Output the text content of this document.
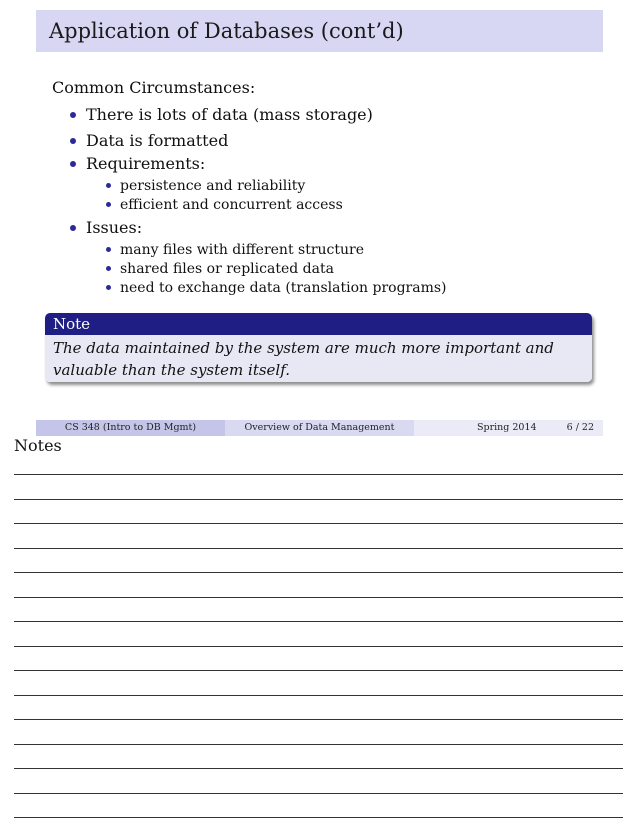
Application of Databases (cont’d)
Common Circumstances:
There is lots of data (mass storage)
Data is formatted
Requirements:
persistence and reliability
efficient and concurrent access
Issues:
many files with different structure
shared files or replicated data
need to exchange data (translation programs)
Note
The data maintained by the system are much more important and
valuable than the system itself.
CS 348 (Intro to DB Mgmt)	Overview of Data Management	Spring 2014	6 / 22
Notes
